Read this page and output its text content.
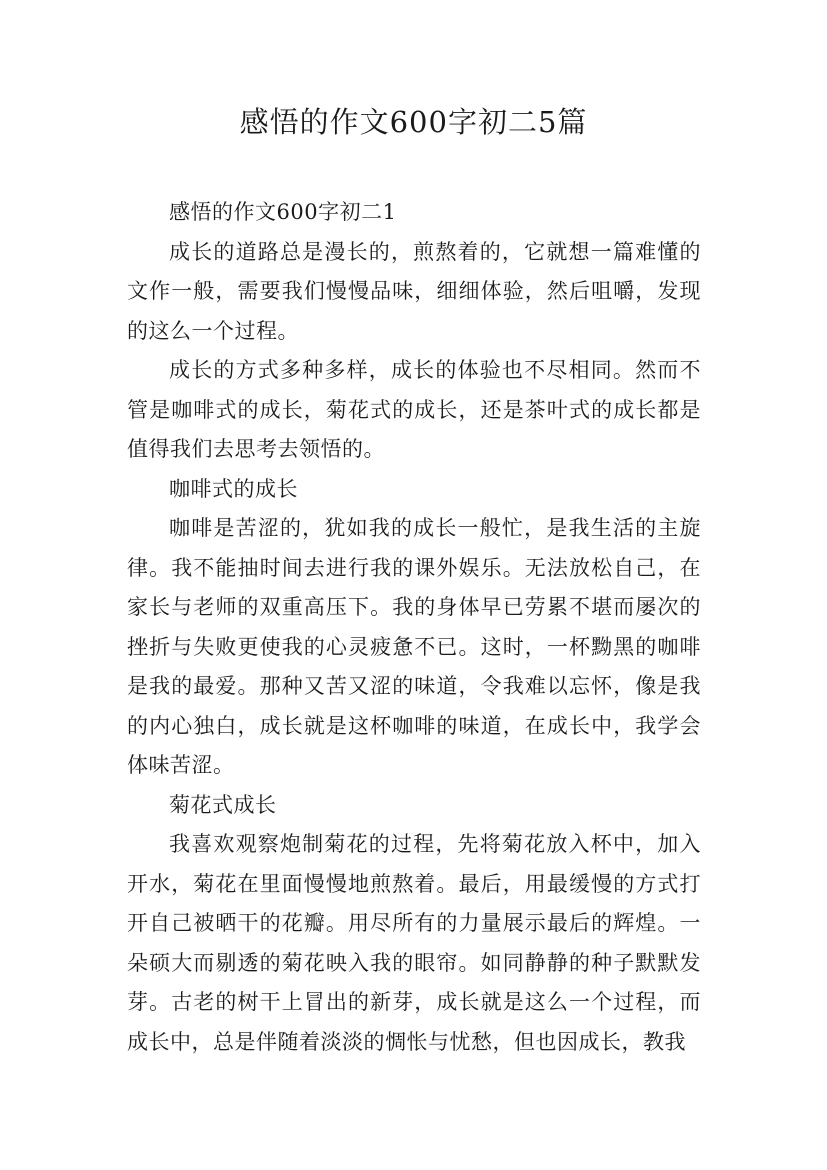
感悟的作文600字初二5篇

感悟的作文600字初二1

成长的道路总是漫长的，煎熬着的，它就想一篇难懂的文作一般，需要我们慢慢品味，细细体验，然后咀嚼，发现的这么一个过程。

成长的方式多种多样，成长的体验也不尽相同。然而不管是咖啡式的成长，菊花式的成长，还是茶叶式的成长都是值得我们去思考去领悟的。

咖啡式的成长

咖啡是苦涩的，犹如我的成长一般忙，是我生活的主旋律。我不能抽时间去进行我的课外娱乐。无法放松自己，在家长与老师的双重高压下。我的身体早已劳累不堪而屡次的挫折与失败更使我的心灵疲惫不已。这时，一杯黝黑的咖啡是我的最爱。那种又苦又涩的味道，令我难以忘怀，像是我的内心独白，成长就是这杯咖啡的味道，在成长中，我学会体味苦涩。

菊花式成长

我喜欢观察炮制菊花的过程，先将菊花放入杯中，加入开水，菊花在里面慢慢地煎熬着。最后，用最缓慢的方式打开自己被晒干的花瓣。用尽所有的力量展示最后的辉煌。一朵硕大而剔透的菊花映入我的眼帘。如同静静的种子默默发芽。古老的树干上冒出的新芽，成长就是这么一个过程，而成长中，总是伴随着淡淡的惆怅与忧愁，但也因成长，教我
